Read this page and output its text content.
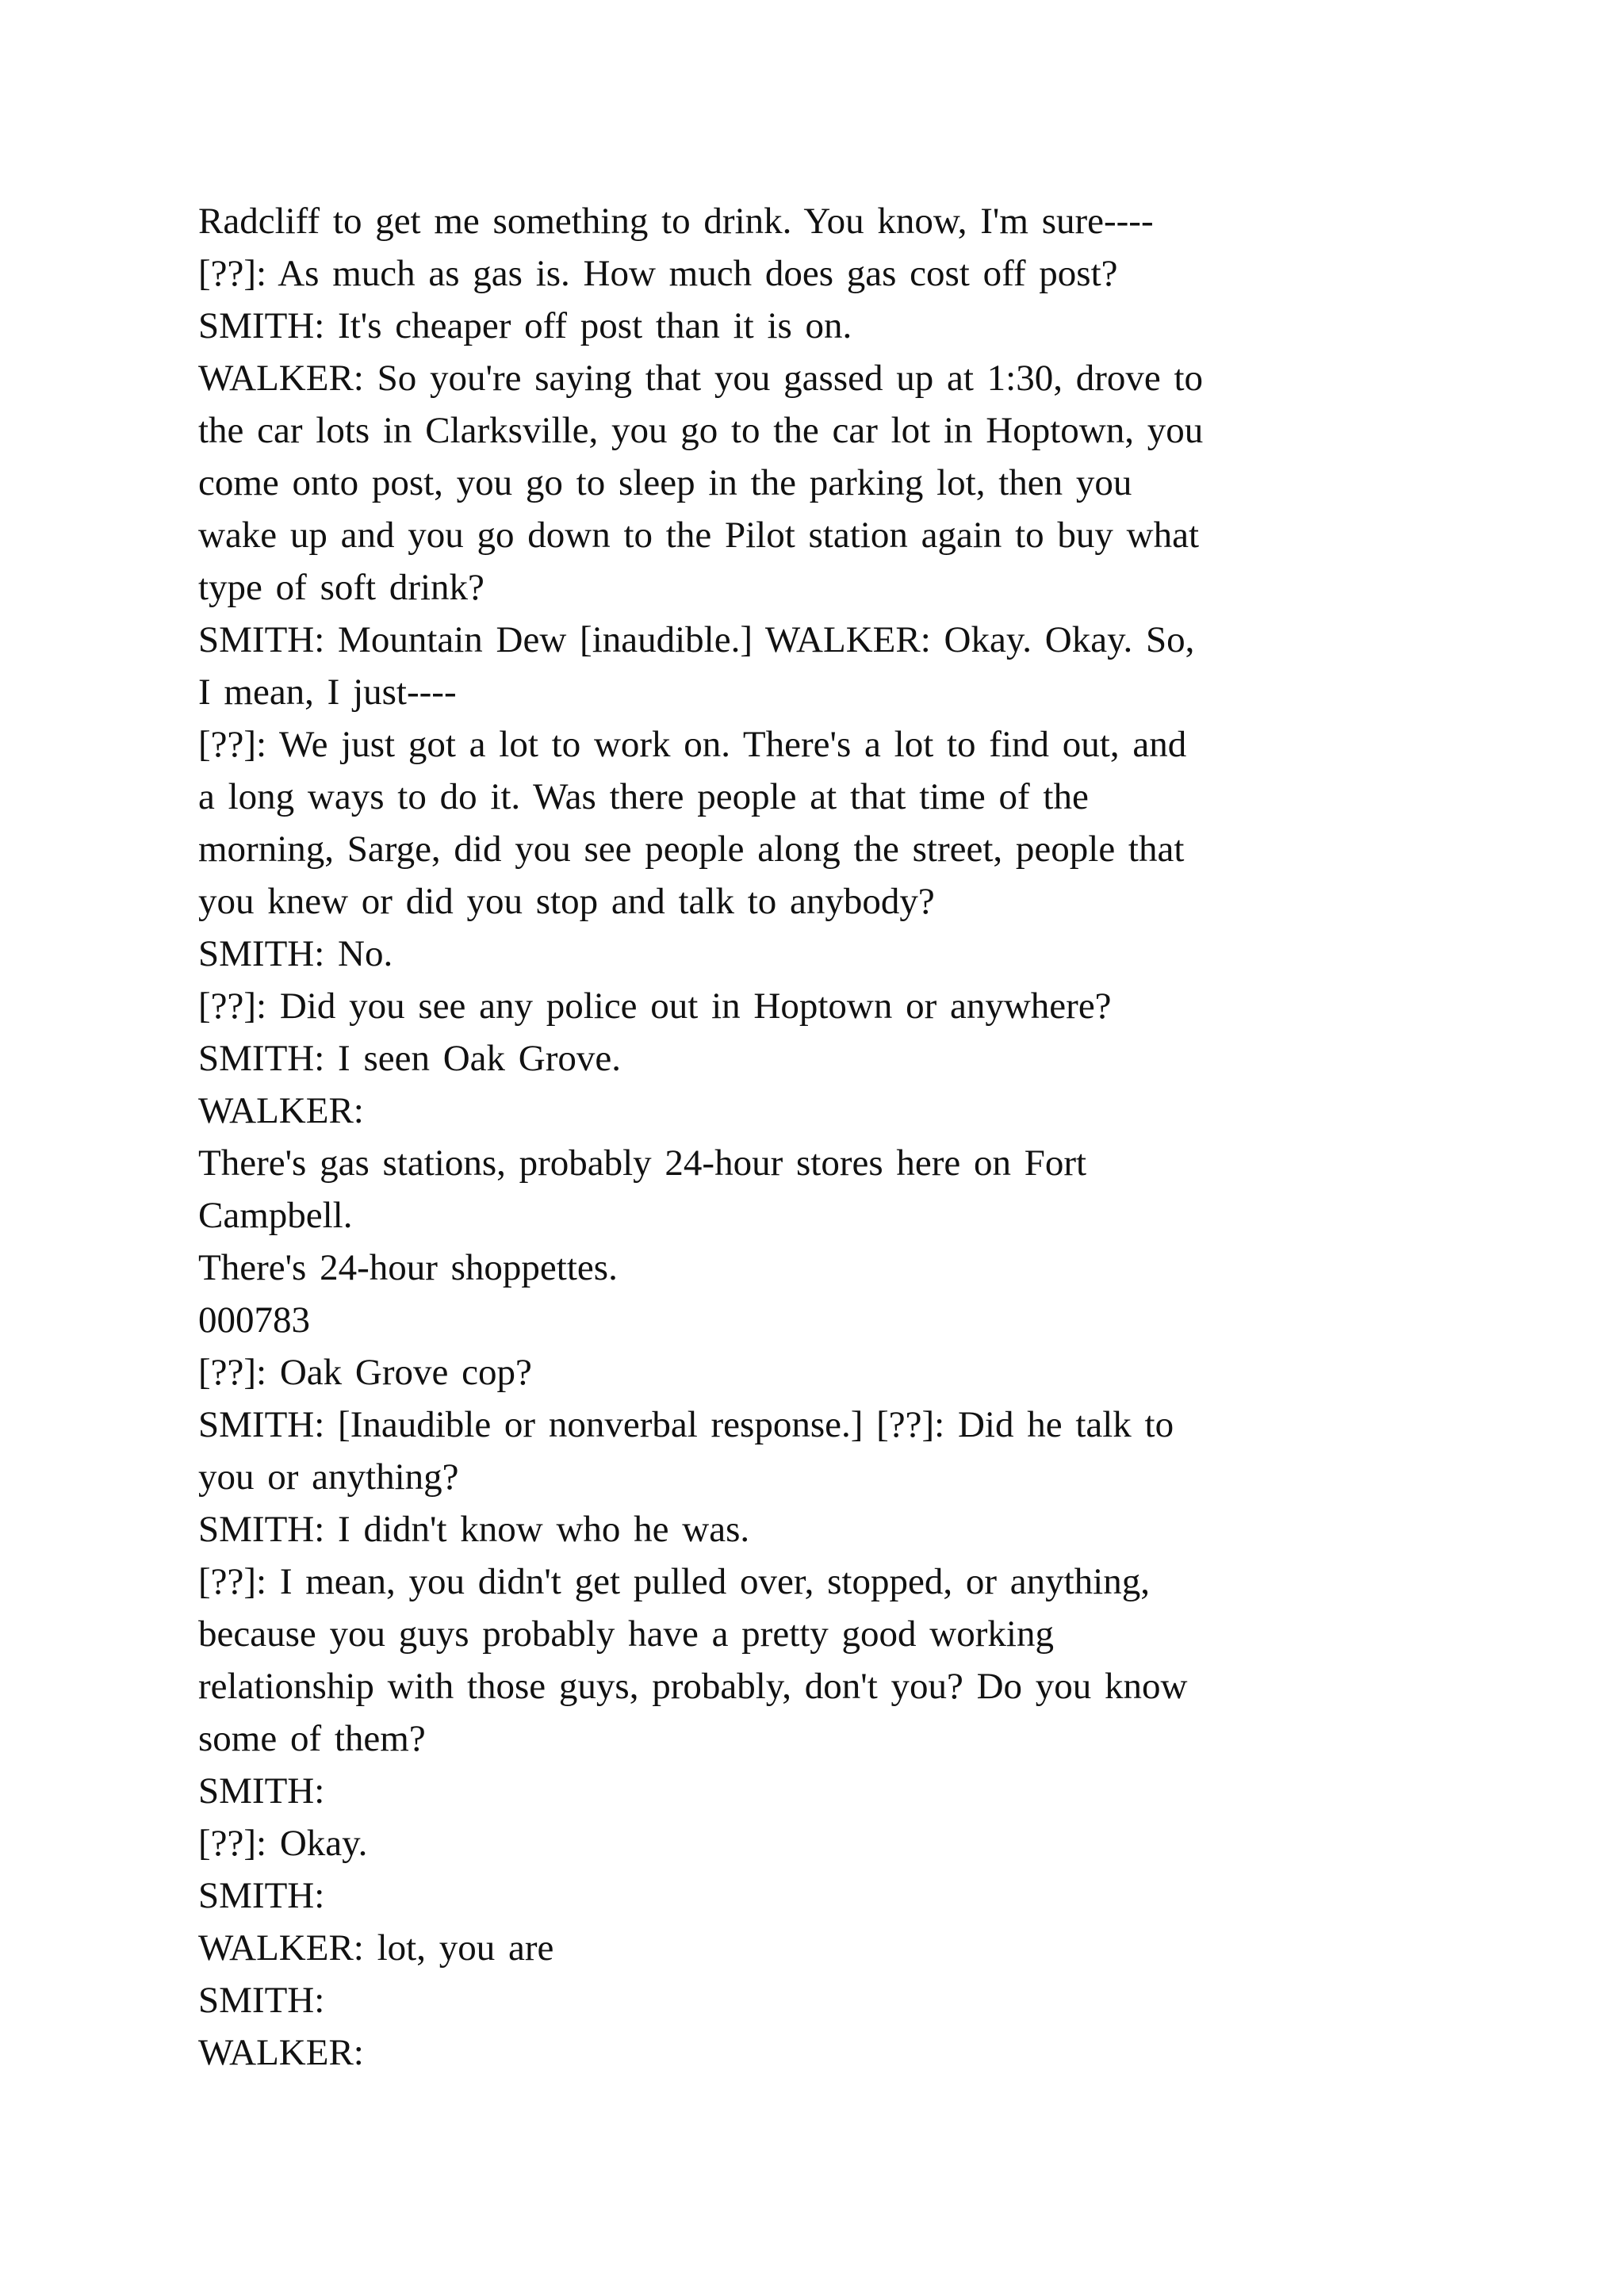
Radcliff to get me something to drink. You know, I'm sure----
[??]: As much as gas is. How much does gas cost off post?
SMITH: It's cheaper off post than it is on.
WALKER: So you're saying that you gassed up at 1:30, drove to
the car lots in Clarksville, you go to the car lot in Hoptown, you
come onto post, you go to sleep in the parking lot, then you
wake up and you go down to the Pilot station again to buy what
type of soft drink?
SMITH: Mountain Dew [inaudible.] WALKER: Okay. Okay. So,
I mean, I just----
[??]: We just got a lot to work on. There's a lot to find out, and
a long ways to do it. Was there people at that time of the
morning, Sarge, did you see people along the street, people that
you knew or did you stop and talk to anybody?
SMITH: No.
[??]: Did you see any police out in Hoptown or anywhere?
SMITH: I seen Oak Grove.
WALKER:
There's gas stations, probably 24-hour stores here on Fort
Campbell.
There's 24-hour shoppettes.
000783
[??]: Oak Grove cop?
SMITH: [Inaudible or nonverbal response.] [??]: Did he talk to
you or anything?
SMITH: I didn't know who he was.
[??]: I mean, you didn't get pulled over, stopped, or anything,
because you guys probably have a pretty good working
relationship with those guys, probably, don't you? Do you know
some of them?
SMITH:
[??]: Okay.
SMITH:
WALKER: lot, you are
SMITH:
WALKER:
